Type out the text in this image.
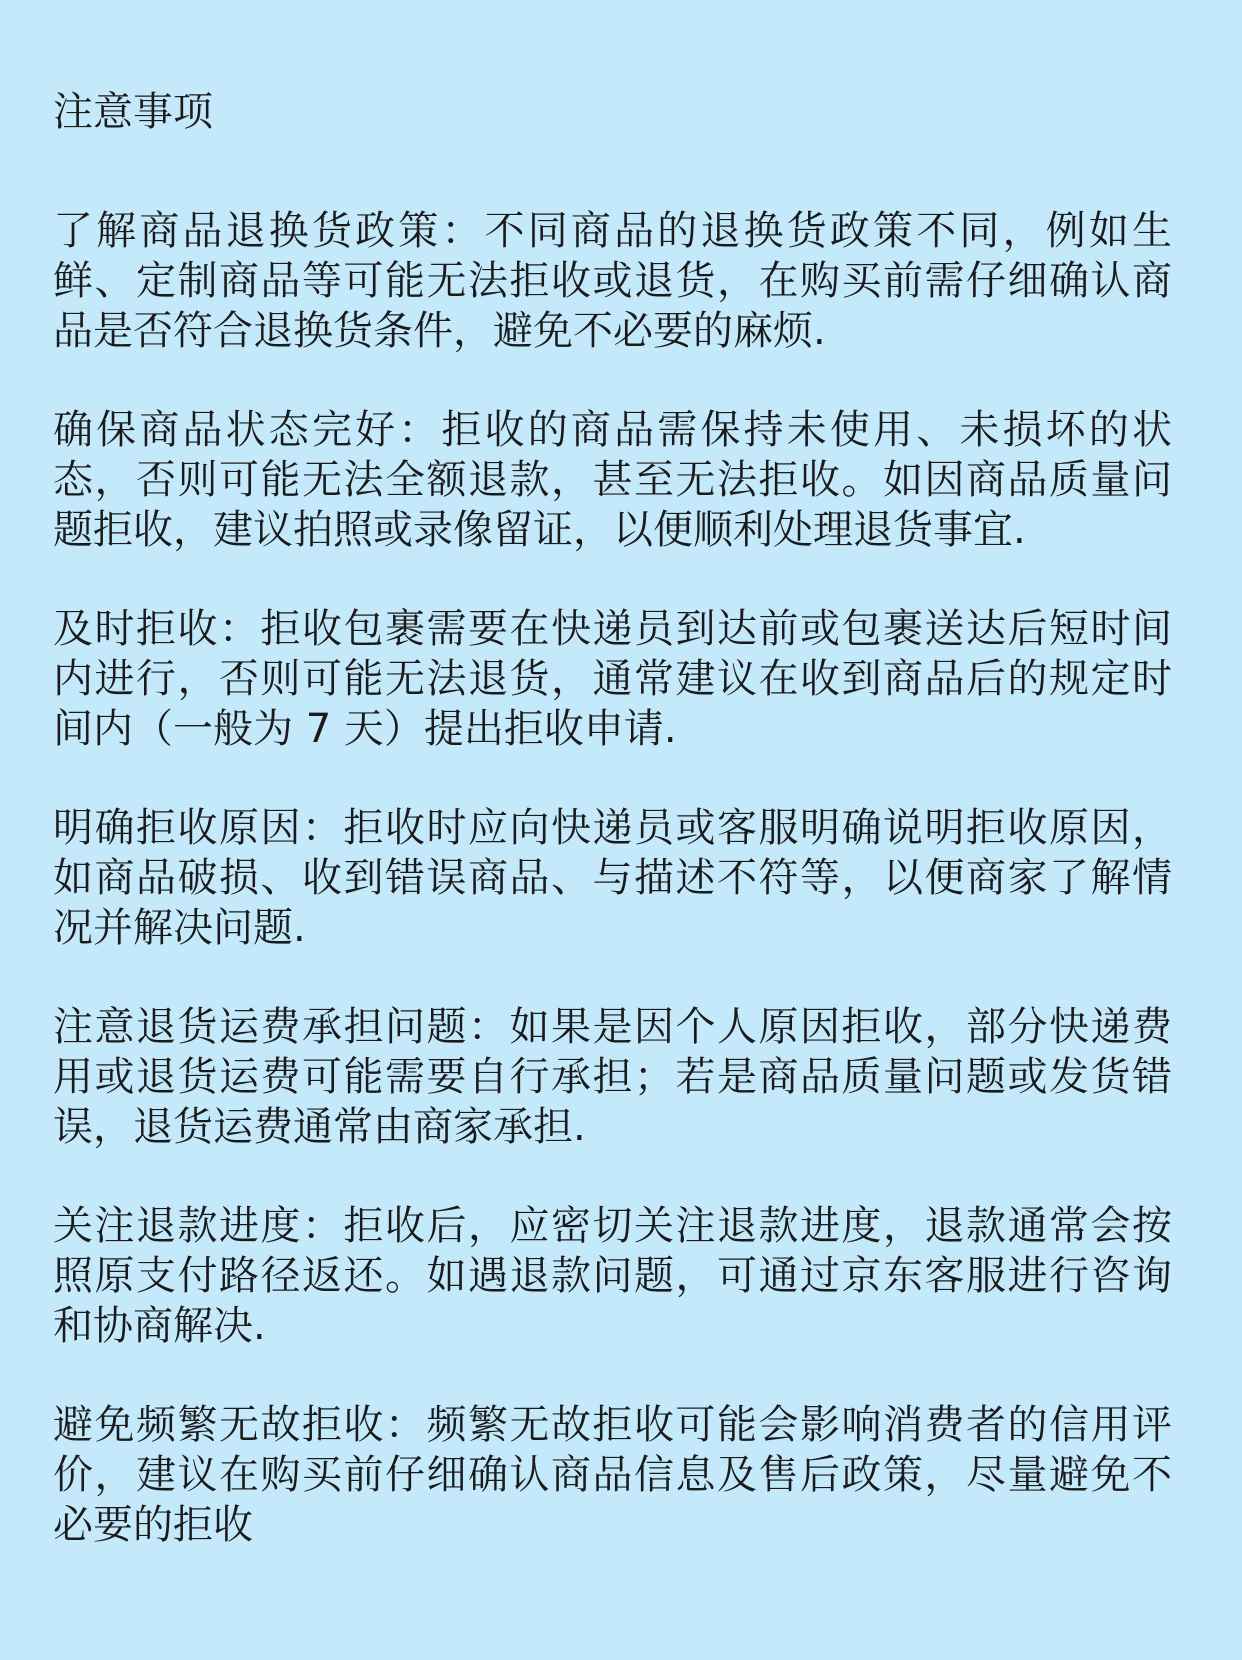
注意事项

了解商品退换货政策：不同商品的退换货政策不同，例如生鲜、定制商品等可能无法拒收或退货，在购买前需仔细确认商品是否符合退换货条件，避免不必要的麻烦.

确保商品状态完好：拒收的商品需保持未使用、未损坏的状态，否则可能无法全额退款，甚至无法拒收。如因商品质量问题拒收，建议拍照或录像留证，以便顺利处理退货事宜.

及时拒收：拒收包裹需要在快递员到达前或包裹送达后短时间内进行，否则可能无法退货，通常建议在收到商品后的规定时间内（一般为 7 天）提出拒收申请.

明确拒收原因：拒收时应向快递员或客服明确说明拒收原因，如商品破损、收到错误商品、与描述不符等，以便商家了解情况并解决问题.

注意退货运费承担问题：如果是因个人原因拒收，部分快递费用或退货运费可能需要自行承担；若是商品质量问题或发货错误，退货运费通常由商家承担.

关注退款进度：拒收后，应密切关注退款进度，退款通常会按照原支付路径返还。如遇退款问题，可通过京东客服进行咨询和协商解决.

避免频繁无故拒收：频繁无故拒收可能会影响消费者的信用评价，建议在购买前仔细确认商品信息及售后政策，尽量避免不必要的拒收
